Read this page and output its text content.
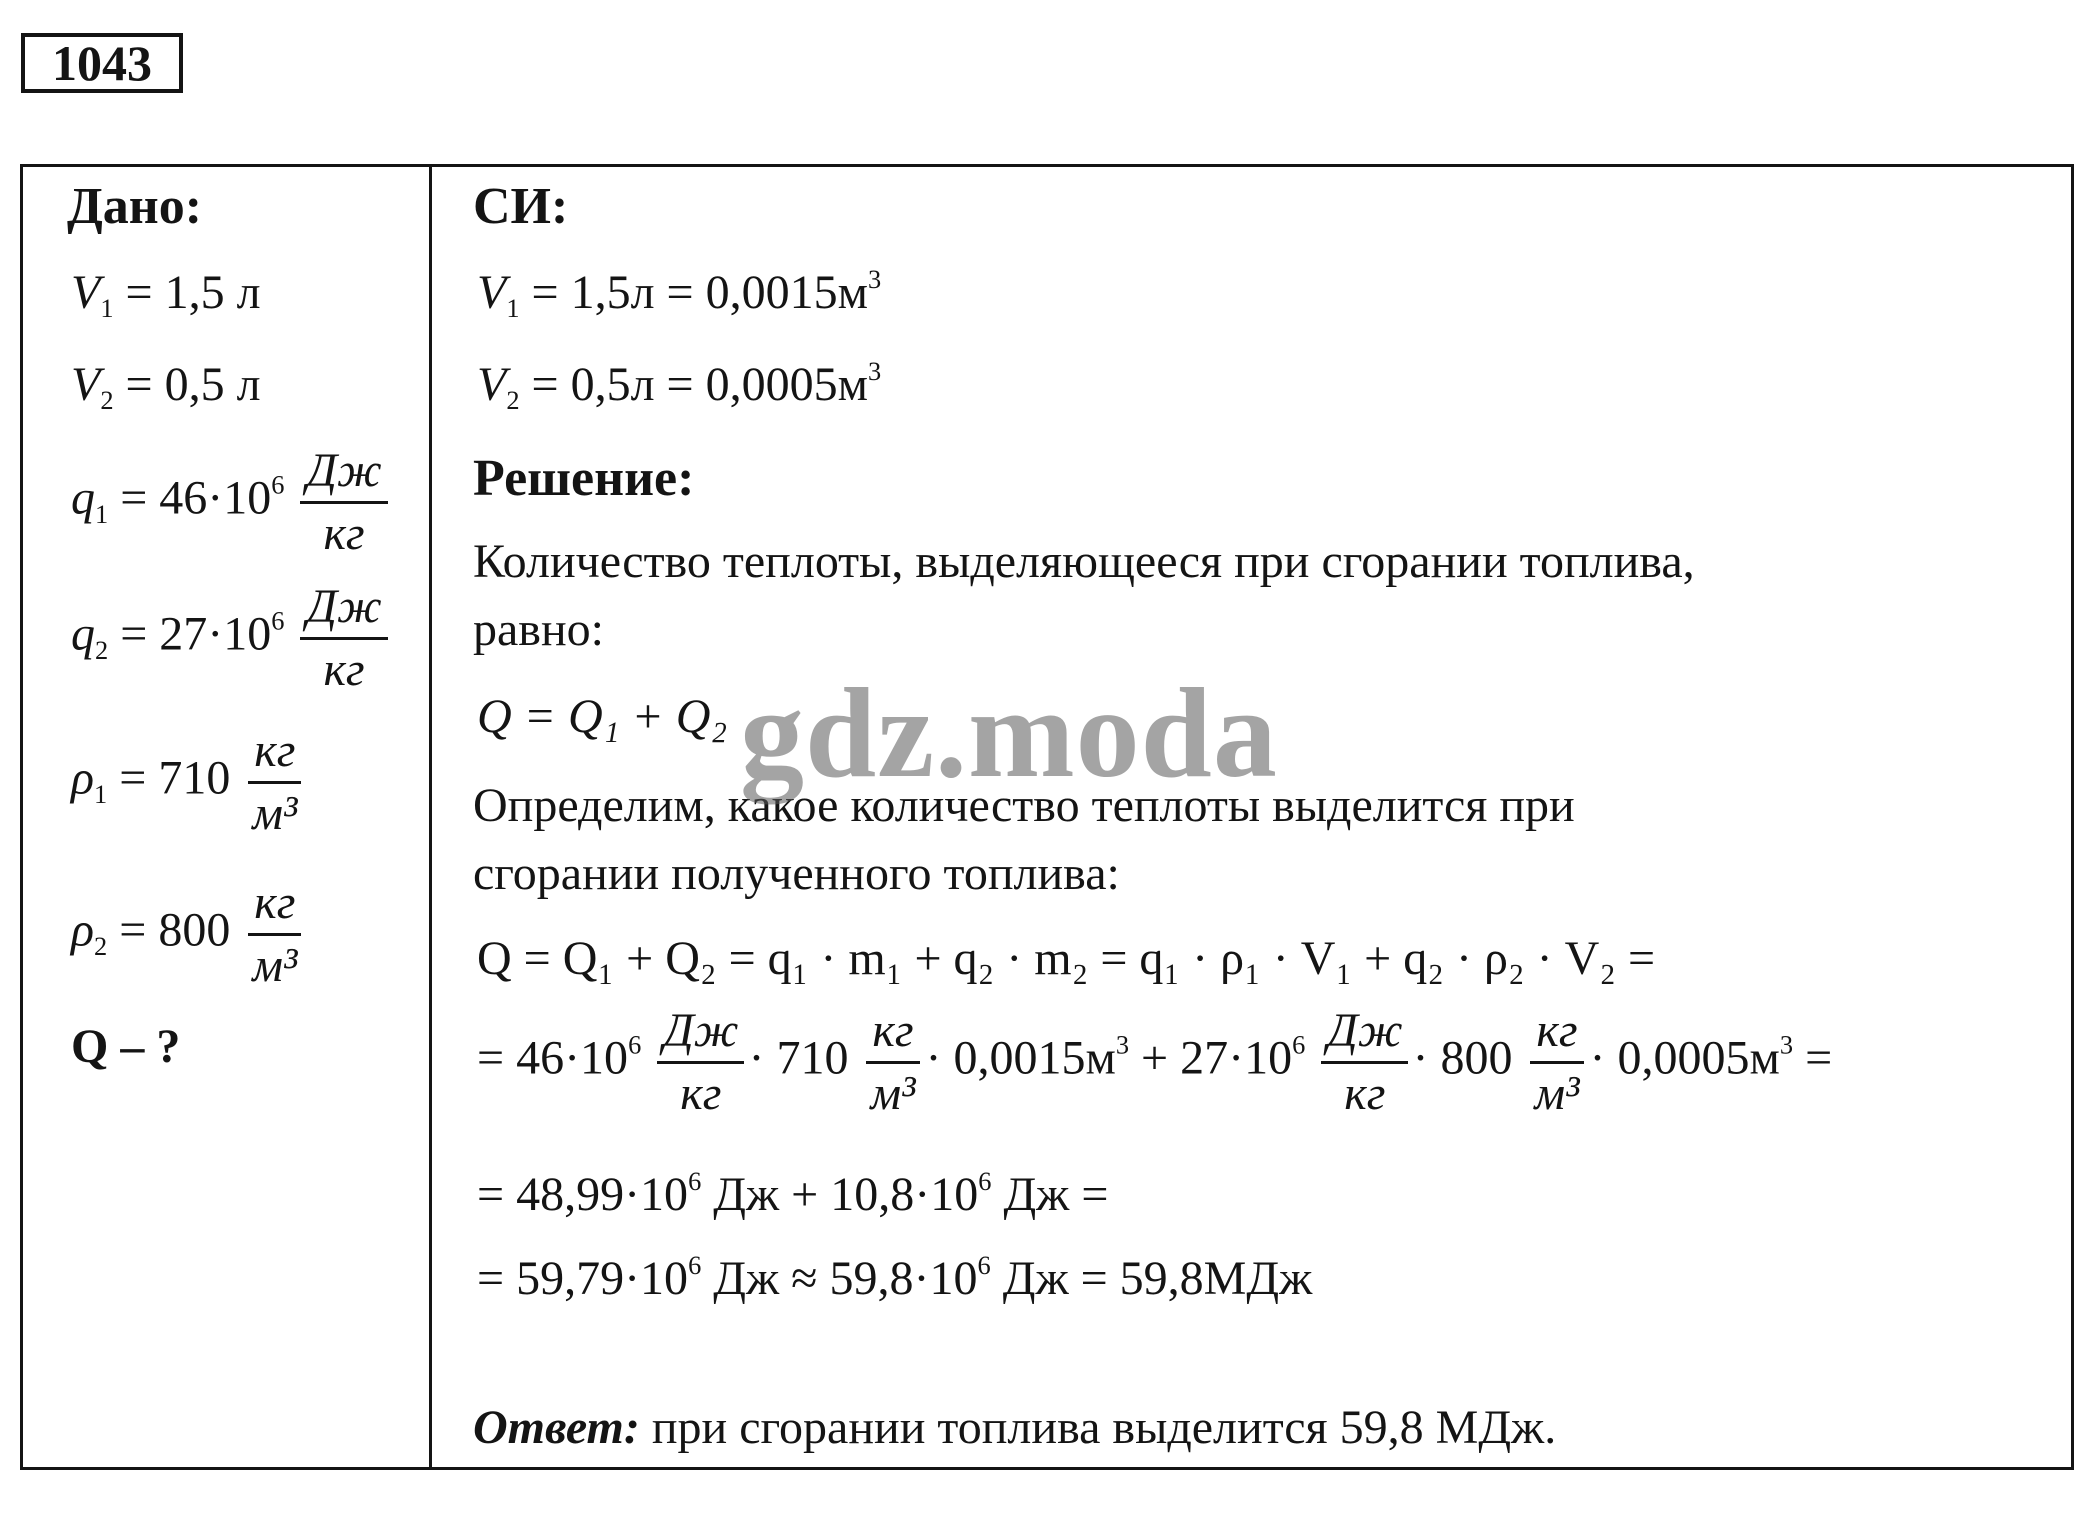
1043
Дано:
$V_1 = 1,5$ л
$V_2 = 0,5$ л
$q_1 = 46\cdot 10^6 \frac{Дж}{кг}$
$q_2 = 27\cdot 10^6 \frac{Дж}{кг}$
$\rho_1 = 710 \frac{кг}{\text{м³}}$
$\rho_2 = 800 \frac{кг}{\text{м³}}$
Q – ?
СИ:
$V_1 = 1,5л = 0,0015м^3$
$V_2 = 0,5л = 0,0005м^3$
Решение:
Количество теплоты, выделяющееся при сгорании топлива,
равно:
Q = Q₁ + Q₂
Определим, какое количество теплоты выделится при
сгорании полученного топлива:
Q = Q₁ + Q₂ = q₁ · m₁ + q₂ · m₂ = q₁ · ρ₁ · V₁ + q₂ · ρ₂ · V₂ =
= $46\cdot 10^6 \frac{Дж}{кг} \cdot 710 \frac{кг}{\text{м³}} \cdot 0,0015м^3 + 27\cdot 10^6 \frac{Дж}{кг} \cdot 800 \frac{кг}{\text{м³}} \cdot 0,0005м^3$ =
= $48,99\cdot 10^6$ Дж + $10,8\cdot 10^6$ Дж =
= $59,79\cdot 10^6$ Дж ≈ $59,8\cdot 10^6$ Дж = 59,8МДж
Ответ: при сгорании топлива выделится 59,8 МДж.
gdz.moda
